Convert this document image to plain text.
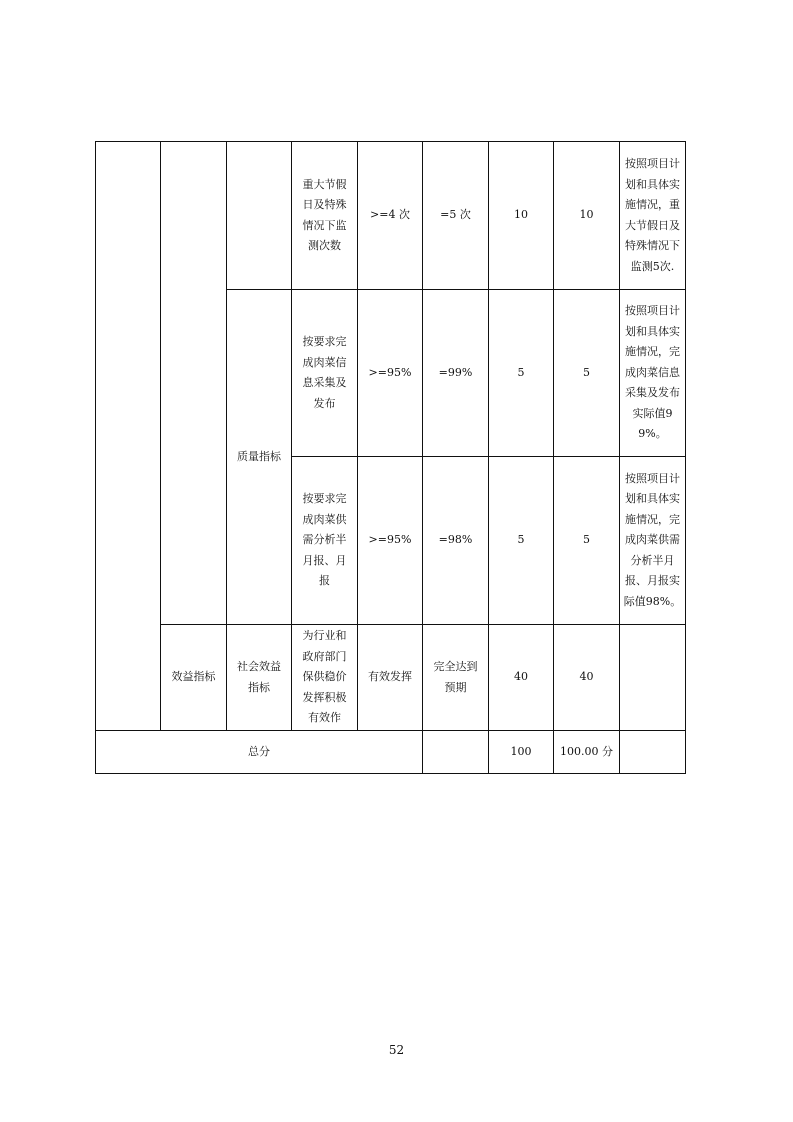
			重大节假日及特殊情况下监测次数	>=4 次	=5 次	10	10	按照项目计划和具体实施情况，重大节假日及特殊情况下监测5次.
		质量指标	按要求完成肉菜信息采集及发布	>=95%	=99%	5	5	按照项目计划和具体实施情况，完成肉菜信息采集及发布实际值99%。
			按要求完成肉菜供需分析半月报、月报	>=95%	=98%	5	5	按照项目计划和具体实施情况，完成肉菜供需分析半月报、月报实际值98%。
	效益指标	社会效益指标	为行业和政府部门保供稳价发挥积极有效作	有效发挥	完全达到预期	40	40	
总分						100	100.00 分	
52
